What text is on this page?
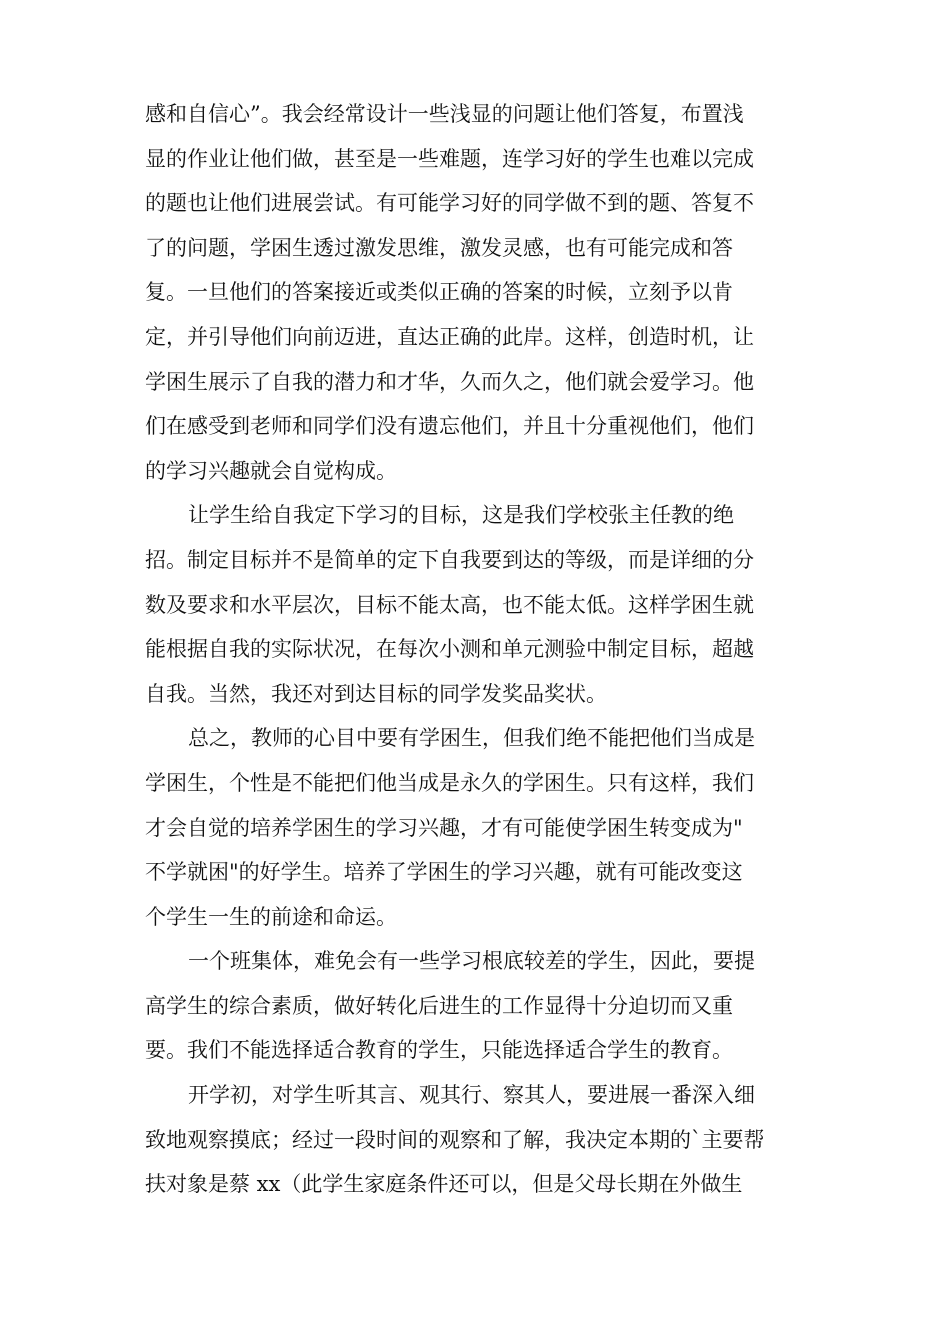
感和自信心”。我会经常设计一些浅显的问题让他们答复，布置浅
显的作业让他们做，甚至是一些难题，连学习好的学生也难以完成
的题也让他们进展尝试。有可能学习好的同学做不到的题、答复不
了的问题，学困生透过激发思维，激发灵感，也有可能完成和答
复。一旦他们的答案接近或类似正确的答案的时候，立刻予以肯
定，并引导他们向前迈进，直达正确的此岸。这样，创造时机，让
学困生展示了自我的潜力和才华，久而久之，他们就会爱学习。他
们在感受到老师和同学们没有遗忘他们，并且十分重视他们，他们
的学习兴趣就会自觉构成。
让学生给自我定下学习的目标，这是我们学校张主任教的绝
招。制定目标并不是简单的定下自我要到达的等级，而是详细的分
数及要求和水平层次，目标不能太高，也不能太低。这样学困生就
能根据自我的实际状况，在每次小测和单元测验中制定目标，超越
自我。当然，我还对到达目标的同学发奖品奖状。
总之，教师的心目中要有学困生，但我们绝不能把他们当成是
学困生，个性是不能把们他当成是永久的学困生。只有这样，我们
才会自觉的培养学困生的学习兴趣，才有可能使学困生转变成为"
不学就困"的好学生。培养了学困生的学习兴趣，就有可能改变这
个学生一生的前途和命运。
一个班集体，难免会有一些学习根底较差的学生，因此，要提
高学生的综合素质，做好转化后进生的工作显得十分迫切而又重
要。我们不能选择适合教育的学生，只能选择适合学生的教育。
开学初，对学生听其言、观其行、察其人，要进展一番深入细
致地观察摸底；经过一段时间的观察和了解，我决定本期的`主要帮
扶对象是蔡 xx（此学生家庭条件还可以，但是父母长期在外做生
